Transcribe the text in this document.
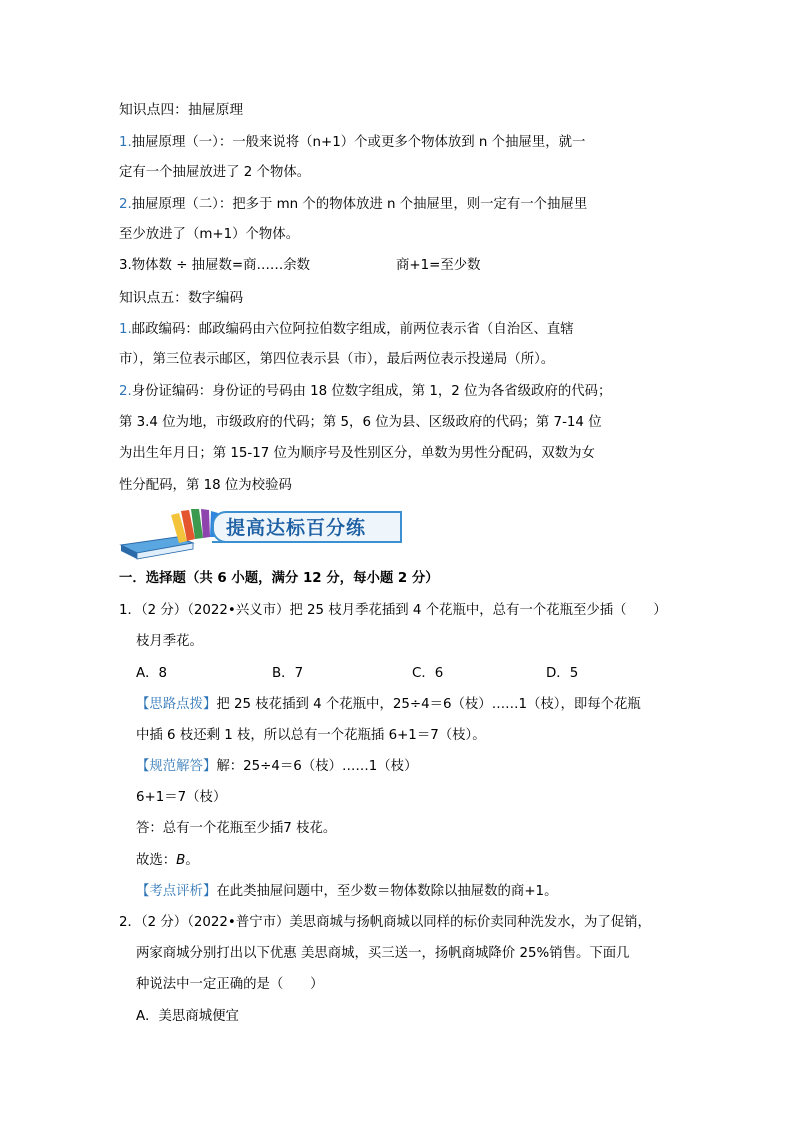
知识点四：抽屉原理
1.抽屉原理（一）：一般来说将（n+1）个或更多个物体放到 n 个抽屉里，就一
定有一个抽屉放进了 2 个物体。
2.抽屉原理（二）：把多于 mn 个的物体放进 n 个抽屉里，则一定有一个抽屉里
至少放进了（m+1）个物体。
3.物体数 ÷ 抽屉数=商……余数	商+1=至少数
知识点五：数字编码
1.邮政编码：邮政编码由六位阿拉伯数字组成，前两位表示省（自治区、直辖
市），第三位表示邮区，第四位表示县（市），最后两位表示投递局（所）。
2.身份证编码：身份证的号码由 18 位数字组成，第 1，2 位为各省级政府的代码；
第 3.4 位为地，市级政府的代码；第 5，6 位为县、区级政府的代码；第 7-14 位
为出生年月日；第 15-17 位为顺序号及性别区分，单数为男性分配码，双数为女
性分配码，第 18 位为校验码
提高达标百分练
一．选择题（共 6 小题，满分 12 分，每小题 2 分）
1．（2 分）（2022•兴义市）把 25 枝月季花插到 4 个花瓶中，总有一个花瓶至少插（　　）
枝月季花。
A．8	B．7	C．6	D．5
【思路点拨】把 25 枝花插到 4 个花瓶中，25÷4＝6（枝）……1（枝），即每个花瓶
中插 6 枝还剩 1 枝，所以总有一个花瓶插 6+1＝7（枝）。
【规范解答】解：25÷4＝6（枝）……1（枝）
6+1＝7（枝）
答：总有一个花瓶至少插7 枝花。
故选：B。
【考点评析】在此类抽屉问题中，至少数＝物体数除以抽屉数的商+1。
2．（2 分）（2022•普宁市）美思商城与扬帆商城以同样的标价卖同种洗发水，为了促销，
两家商城分别打出以下优惠 美思商城，买三送一，扬帆商城降价 25%销售。下面几
种说法中一定正确的是（　　）
A．美思商城便宜
